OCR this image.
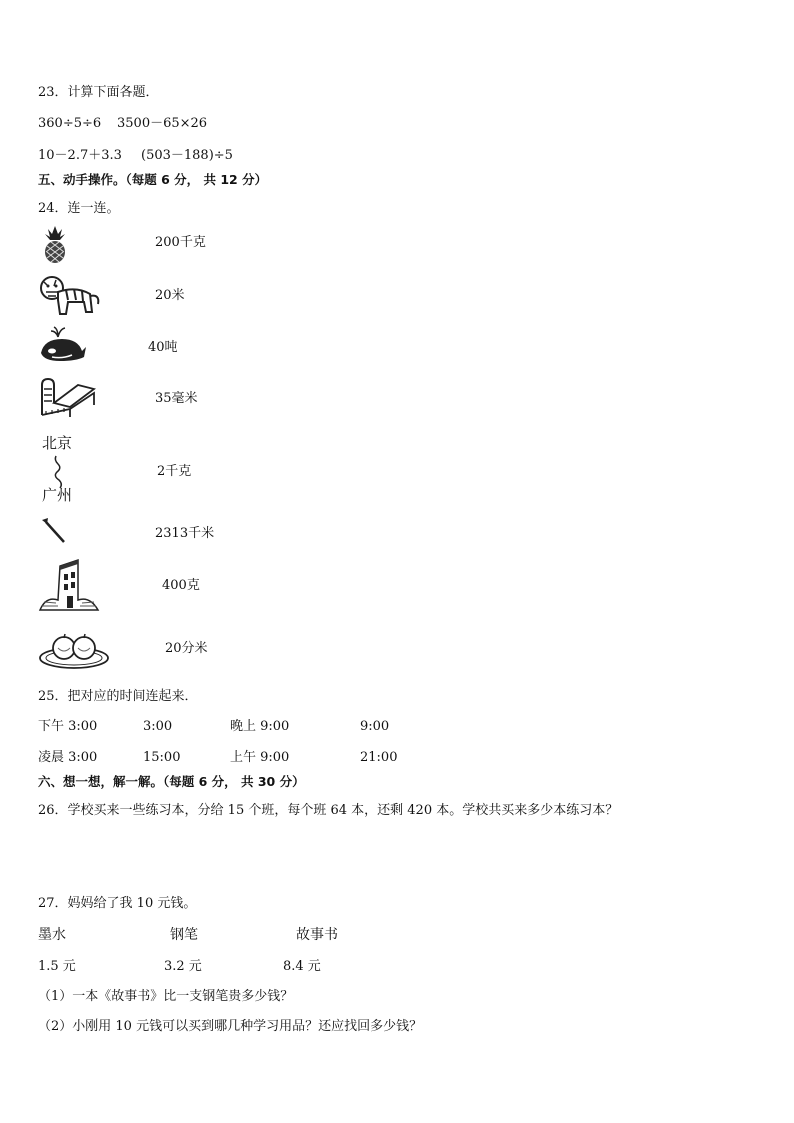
23．计算下面各题．
360÷5÷6 3500－65×26
10－2.7＋3.3 (503－188)÷5
五、动手操作。（每题 6 分， 共 12 分）
24．连一连。
200千克
20米
40吨
35毫米
北京
广州
2千克
2313千米
400克
20分米
25．把对应的时间连起来．
下午 3:00	3:00	晚上 9:00	9:00
凌晨 3:00	15:00	上午 9:00	21:00
六、想一想，解一解。（每题 6 分， 共 30 分）
26．学校买来一些练习本，分给 15 个班，每个班 64 本，还剩 420 本。学校共买来多少本练习本？
27．妈妈给了我 10 元钱。
墨水	钢笔	故事书
1.5 元	3.2 元	8.4 元
（1）一本《故事书》比一支钢笔贵多少钱？
（2）小刚用 10 元钱可以买到哪几种学习用品？还应找回多少钱？
